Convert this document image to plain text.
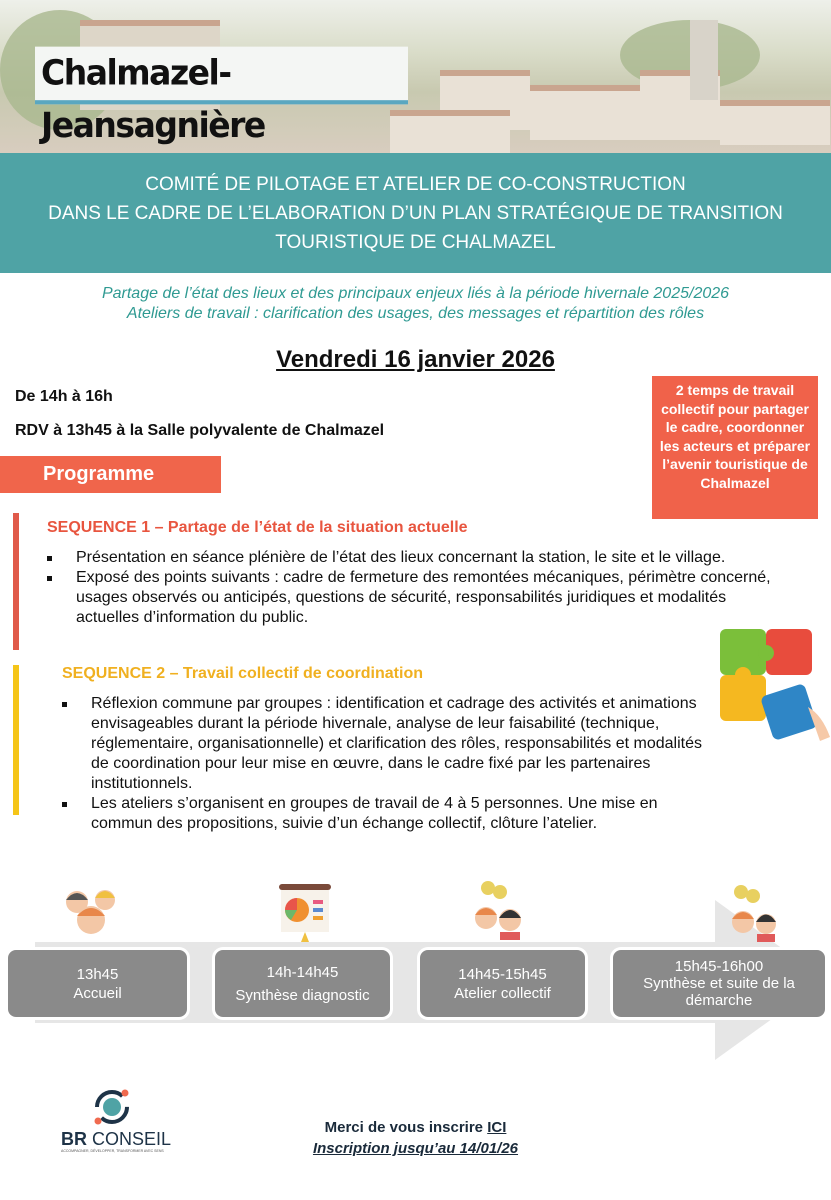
Chalmazel-Jeansagnière
COMITÉ DE PILOTAGE ET ATELIER DE CO-CONSTRUCTION
DANS LE CADRE DE L’ELABORATION D’UN PLAN STRATÉGIQUE DE TRANSITION
TOURISTIQUE DE CHALMAZEL
Partage de l’état des lieux et des principaux enjeux liés à la période hivernale 2025/2026
Ateliers de travail : clarification des usages, des messages et répartition des rôles
Vendredi 16 janvier 2026
De 14h à 16h
RDV à 13h45 à la Salle polyvalente de Chalmazel
2 temps de travail collectif pour partager le cadre, coordonner les acteurs et préparer l’avenir touristique de Chalmazel
Programme
SEQUENCE 1 – Partage de l’état de la situation actuelle
Présentation en séance plénière de l’état des lieux concernant la station, le site et le village.
Exposé des points suivants : cadre de fermeture des remontées mécaniques, périmètre concerné, usages observés ou anticipés, questions de sécurité, responsabilités juridiques et modalités actuelles d’information du public.
SEQUENCE 2 – Travail collectif de coordination
Réflexion commune par groupes : identification et cadrage des activités et animations envisageables durant la période hivernale, analyse de leur faisabilité (technique, réglementaire, organisationnelle) et clarification des rôles, responsabilités et modalités de coordination pour leur mise en œuvre, dans le cadre fixé par les partenaires institutionnels.
Les ateliers s’organisent en groupes de travail de 4 à 5 personnes. Une mise en commun des propositions, suivie d’un échange collectif, clôture l’atelier.
13h45
Accueil
14h-14h45
Synthèse diagnostic
14h45-15h45
Atelier collectif
15h45-16h00
Synthèse et suite de la démarche
BR CONSEIL
ACCOMPAGNER, DÉVELOPPER, TRANSFORMER AVEC SENS
Merci de vous inscrire ICI
Inscription jusqu’au 14/01/26
